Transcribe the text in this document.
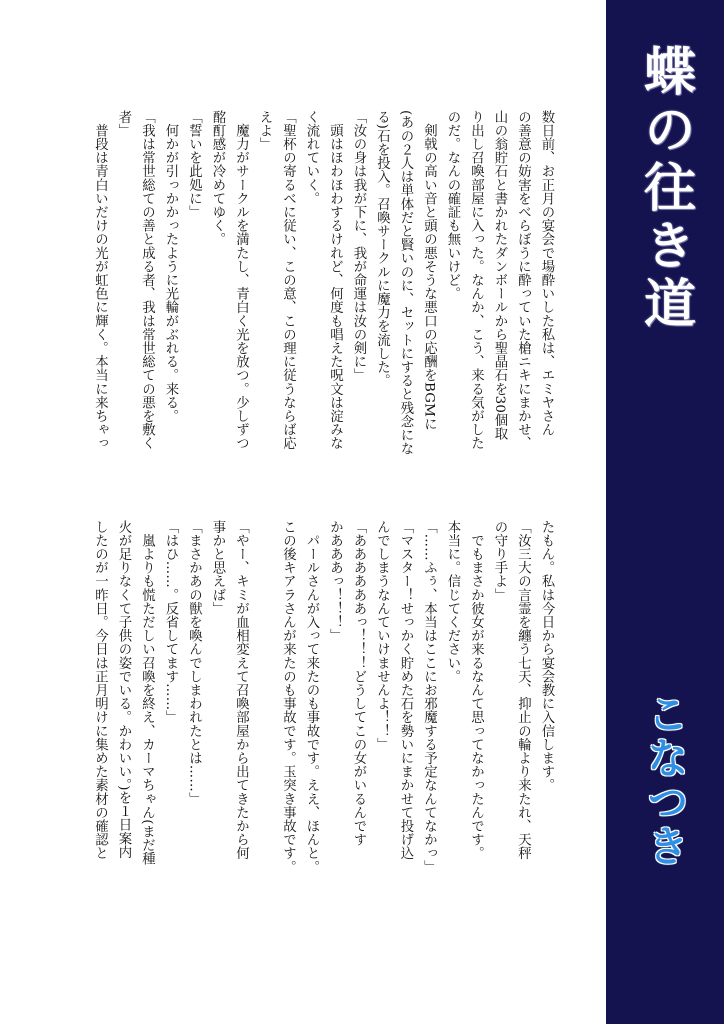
数日前、お正月の宴会で場酔いした私は、エミヤさん
の善意の妨害をべらぼうに酔っていた槍ニキにまかせ、
山の翁貯石と書かれたダンボールから聖晶石を30個取
り出し召喚部屋に入った。なんか、こう、来る気がした
のだ。なんの確証も無いけど。
　剣戟の高い音と頭の悪そうな悪口の応酬をBGMに
(あの２人は単体だと賢いのに、セットにすると残念にな
る)石を投入。召喚サークルに魔力を流した。
「汝の身は我が下に、我が命運は汝の剣に」
　頭はほわほわするけれど、何度も唱えた呪文は淀みな
く流れていく。
「聖杯の寄るべに従い、この意、この理に従うならば応
えよ」
　魔力がサークルを満たし、青白く光を放つ。少しずつ
酩酊感が冷めてゆく。
「誓いを此処に」
　何かが引っかかったように光輪がぶれる。来る。
「我は常世総ての善と成る者、我は常世総ての悪を敷く
者」
　普段は青白いだけの光が虹色に輝く。本当に来ちゃっ
たもん。私は今日から宴会教に入信します。
「汝三大の言霊を纏う七天、抑止の輪より来たれ、天秤
の守り手よ」
　でもまさか彼女が来るなんて思ってなかったんです。
本当に。信じてください。
「……ふぅ、本当はここにお邪魔する予定なんてなかっ」
「マスター！せっかく貯めた石を勢いにまかせて投げ込
んでしまうなんていけませんよ！！」
「ああああああっ！！！どうしてこの女がいるんです
かあああっ！！！」
　パールさんが入って来たのも事故です。ええ、ほんと。
この後キアラさんが来たのも事故です。玉突き事故です。

「やー、キミが血相変えて召喚部屋から出てきたから何
事かと思えば」
「まさかあの獣を喚んでしまわれたとは……」
「はひ……。反省してます……」
　嵐よりも慌ただしい召喚を終え、カーマちゃん(まだ種
火が足りなくて子供の姿でいる。かわいい。)を１日案内
したのが一昨日。今日は正月明けに集めた素材の確認と
蝶の往き道
こなつき
